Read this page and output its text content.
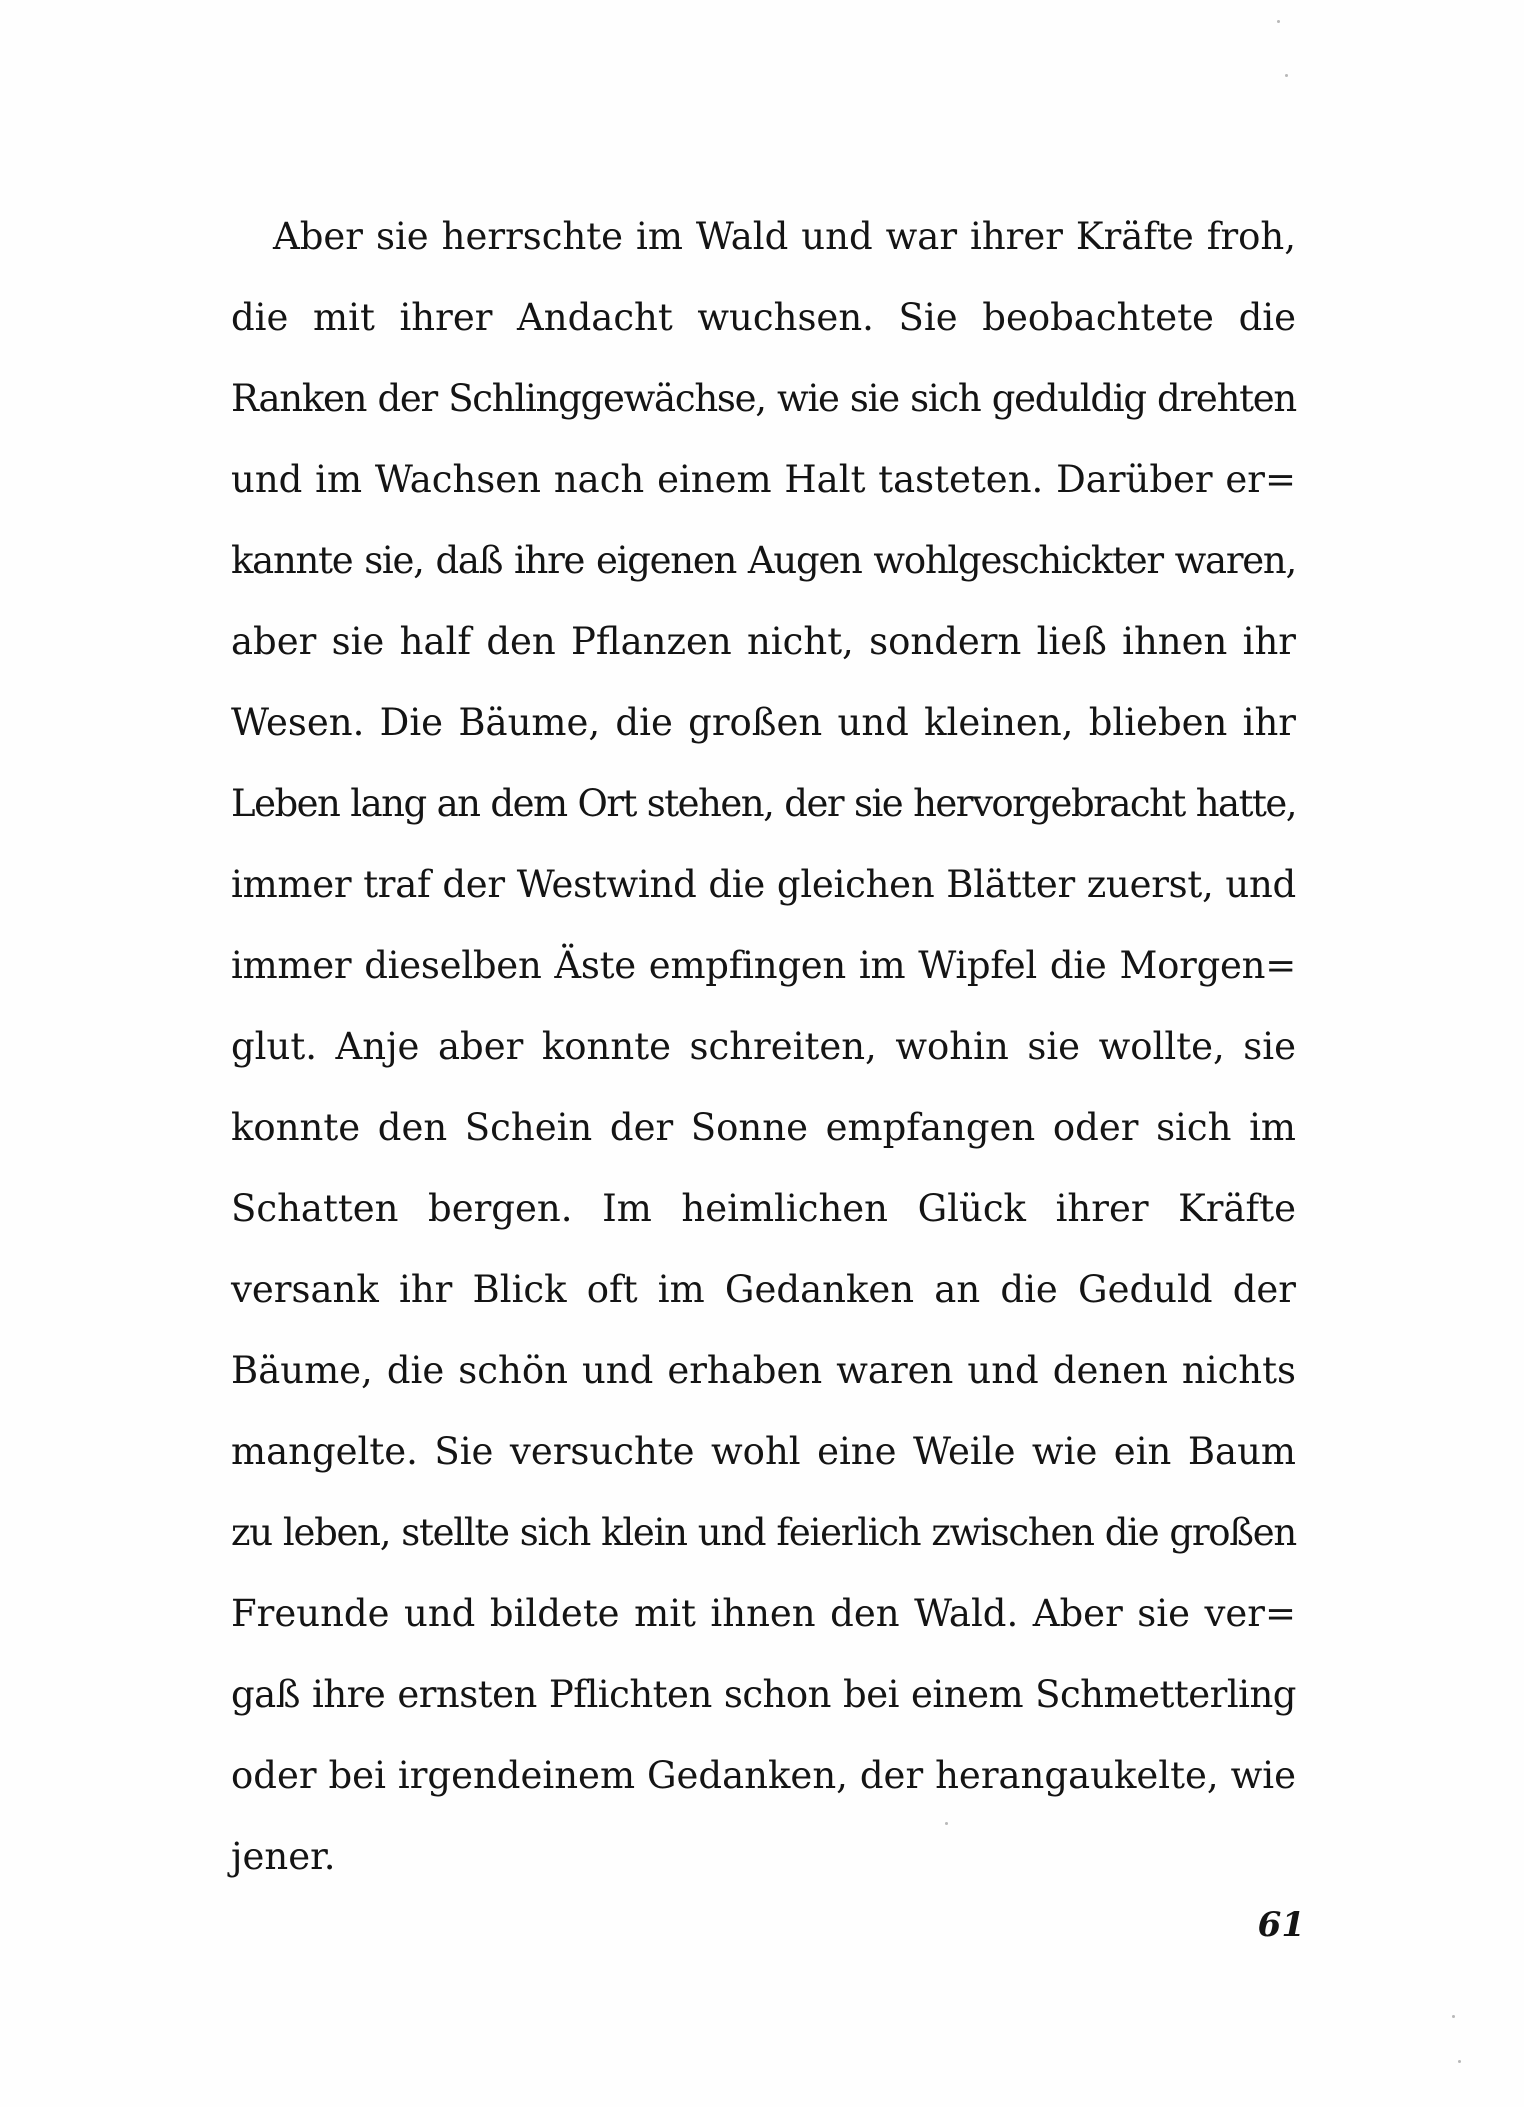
Aber sie herrschte im Wald und war ihrer Kräfte froh,
die mit ihrer Andacht wuchsen. Sie beobachtete die
Ranken der Schlinggewächse, wie sie sich geduldig drehten
und im Wachsen nach einem Halt tasteten. Darüber er=
kannte sie, daß ihre eigenen Augen wohlgeschickter waren,
aber sie half den Pflanzen nicht, sondern ließ ihnen ihr
Wesen. Die Bäume, die großen und kleinen, blieben ihr
Leben lang an dem Ort stehen, der sie hervorgebracht hatte,
immer traf der Westwind die gleichen Blätter zuerst, und
immer dieselben Äste empfingen im Wipfel die Morgen=
glut. Anje aber konnte schreiten, wohin sie wollte, sie
konnte den Schein der Sonne empfangen oder sich im
Schatten bergen. Im heimlichen Glück ihrer Kräfte
versank ihr Blick oft im Gedanken an die Geduld der
Bäume, die schön und erhaben waren und denen nichts
mangelte. Sie versuchte wohl eine Weile wie ein Baum
zu leben, stellte sich klein und feierlich zwischen die großen
Freunde und bildete mit ihnen den Wald. Aber sie ver=
gaß ihre ernsten Pflichten schon bei einem Schmetterling
oder bei irgendeinem Gedanken, der herangaukelte, wie
jener.
61
